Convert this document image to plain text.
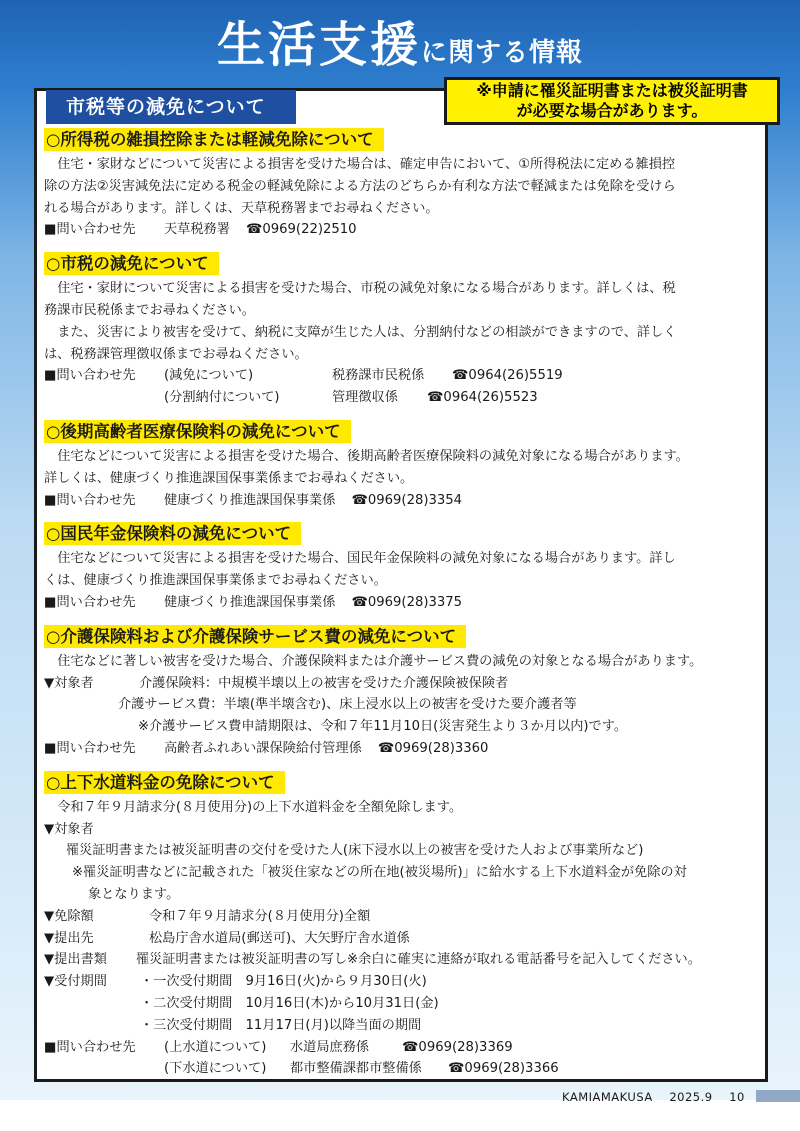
生活支援に関する情報
市税等の減免について
※申請に罹災証明書または被災証明書
が必要な場合があります。
○所得税の雑損控除または軽減免除について
住宅・家財などについて災害による損害を受けた場合は、確定申告において、①所得税法に定める雑損控
除の方法②災害減免法に定める税金の軽減免除による方法のどちらか有利な方法で軽減または免除を受けら
れる場合があります。詳しくは、天草税務署までお尋ねください。
■問い合わせ先	天草税務署 ☎0969(22)2510
○市税の減免について
住宅・家財について災害による損害を受けた場合、市税の減免対象になる場合があります。詳しくは、税
務課市民税係までお尋ねください。
また、災害により被害を受けて、納税に支障が生じた人は、分割納付などの相談ができますので、詳しく
は、税務課管理徴収係までお尋ねください。
■問い合わせ先	(減免について)	税務課市民税係	☎0964(26)5519
(分割納付について)	管理徴収係	☎0964(26)5523
○後期高齢者医療保険料の減免について
住宅などについて災害による損害を受けた場合、後期高齢者医療保険料の減免対象になる場合があります。
詳しくは、健康づくり推進課国保事業係までお尋ねください。
■問い合わせ先	健康づくり推進課国保事業係 ☎0969(28)3354
○国民年金保険料の減免について
住宅などについて災害による損害を受けた場合、国民年金保険料の減免対象になる場合があります。詳し
くは、健康づくり推進課国保事業係までお尋ねください。
■問い合わせ先	健康づくり推進課国保事業係 ☎0969(28)3375
○介護保険料および介護保険サービス費の減免について
住宅などに著しい被害を受けた場合、介護保険料または介護サービス費の減免の対象となる場合があります。
▼対象者	介護保険料：中規模半壊以上の被害を受けた介護保険被保険者
介護サービス費：半壊(準半壊含む)、床上浸水以上の被害を受けた要介護者等
※介護サービス費申請期限は、令和７年11月10日(災害発生より３か月以内)です。
■問い合わせ先	高齢者ふれあい課保険給付管理係 ☎0969(28)3360
○上下水道料金の免除について
令和７年９月請求分(８月使用分)の上下水道料金を全額免除します。
▼対象者
罹災証明書または被災証明書の交付を受けた人(床下浸水以上の被害を受けた人および事業所など)
※罹災証明書などに記載された「被災住家などの所在地(被災場所)」に給水する上下水道料金が免除の対
象となります。
▼免除額	令和７年９月請求分(８月使用分)全額
▼提出先	松島庁舎水道局(郵送可)、大矢野庁舎水道係
▼提出書類	罹災証明書または被災証明書の写し※余白に確実に連絡が取れる電話番号を記入してください。
▼受付期間	・一次受付期間　9月16日(火)から９月30日(火)
・二次受付期間　10月16日(木)から10月31日(金)
・三次受付期間　11月17日(月)以降当面の期間
■問い合わせ先	(上水道について)	水道局庶務係	☎0969(28)3369
(下水道について)	都市整備課都市整備係	☎0969(28)3366
KAMIAMAKUSA 2025.9 10
